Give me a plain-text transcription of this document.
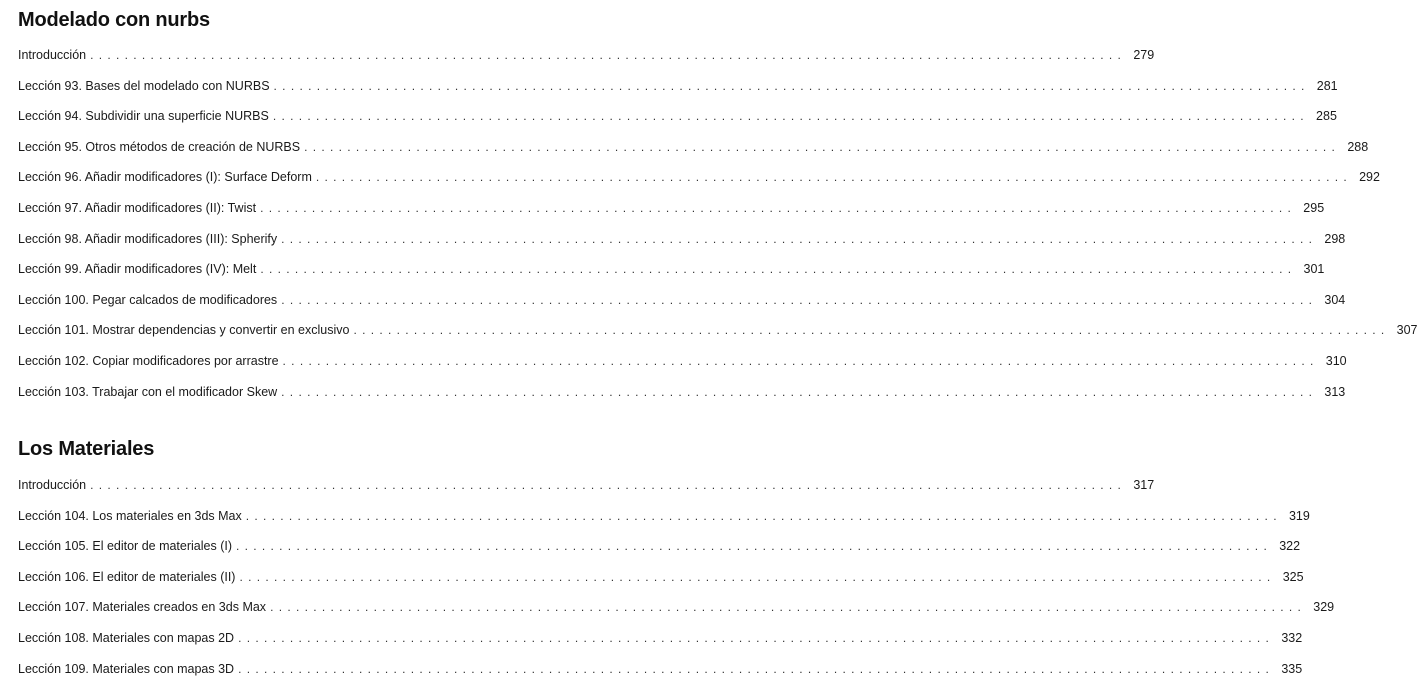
Modelado con nurbs
Introducción ........................................................................................................................ 279
Lección 93. Bases del modelado con NURBS ........................................................................................................................ 281
Lección 94. Subdividir una superficie NURBS ........................................................................................................................ 285
Lección 95. Otros métodos de creación de NURBS ........................................................................................................................ 288
Lección 96. Añadir modificadores (I): Surface Deform ........................................................................................................................ 292
Lección 97. Añadir modificadores (II): Twist ........................................................................................................................ 295
Lección 98. Añadir modificadores (III): Spherify ........................................................................................................................ 298
Lección 99. Añadir modificadores (IV): Melt ........................................................................................................................ 301
Lección 100. Pegar calcados de modificadores ........................................................................................................................ 304
Lección 101. Mostrar dependencias y convertir en exclusivo ........................................................................................................................ 307
Lección 102. Copiar modificadores por arrastre ........................................................................................................................ 310
Lección 103. Trabajar con el modificador Skew ........................................................................................................................ 313
Los Materiales
Introducción ........................................................................................................................ 317
Lección 104. Los materiales en 3ds Max ........................................................................................................................ 319
Lección 105. El editor de materiales (I) ........................................................................................................................ 322
Lección 106. El editor de materiales (II) ........................................................................................................................ 325
Lección 107. Materiales creados en 3ds Max ........................................................................................................................ 329
Lección 108. Materiales con mapas 2D ........................................................................................................................ 332
Lección 109. Materiales con mapas 3D ........................................................................................................................ 335
